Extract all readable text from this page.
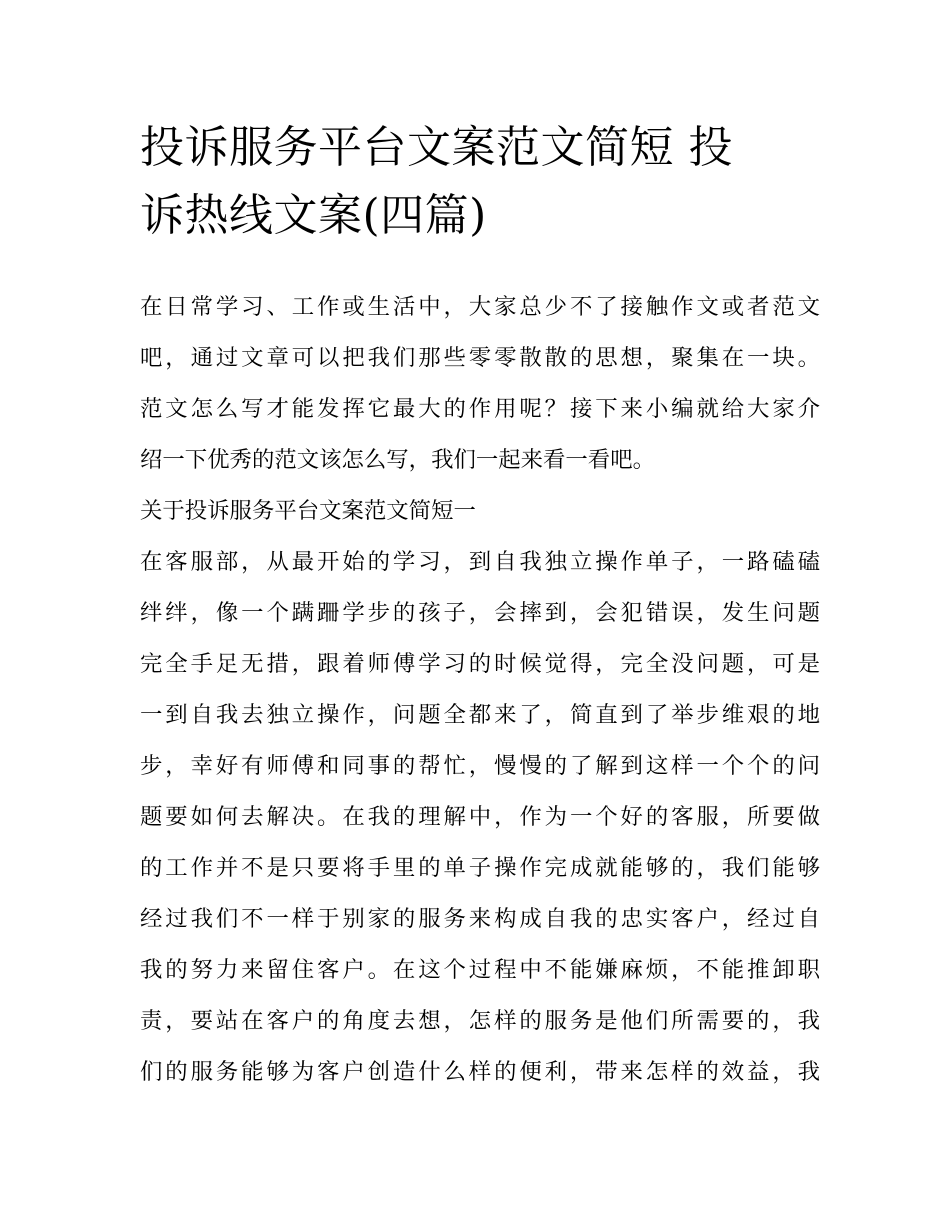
投诉服务平台文案范文简短 投
诉热线文案(四篇)
在日常学习、工作或生活中，大家总少不了接触作文或者范文
吧，通过文章可以把我们那些零零散散的思想，聚集在一块。
范文怎么写才能发挥它最大的作用呢？接下来小编就给大家介
绍一下优秀的范文该怎么写，我们一起来看一看吧。
关于投诉服务平台文案范文简短一
在客服部，从最开始的学习，到自我独立操作单子，一路磕磕
绊绊，像一个蹒跚学步的孩子，会摔到，会犯错误，发生问题
完全手足无措，跟着师傅学习的时候觉得，完全没问题，可是
一到自我去独立操作，问题全都来了，简直到了举步维艰的地
步，幸好有师傅和同事的帮忙，慢慢的了解到这样一个个的问
题要如何去解决。在我的理解中，作为一个好的客服，所要做
的工作并不是只要将手里的单子操作完成就能够的，我们能够
经过我们不一样于别家的服务来构成自我的忠实客户，经过自
我的努力来留住客户。在这个过程中不能嫌麻烦，不能推卸职
责，要站在客户的角度去想，怎样的服务是他们所需要的，我
们的服务能够为客户创造什么样的便利，带来怎样的效益，我
